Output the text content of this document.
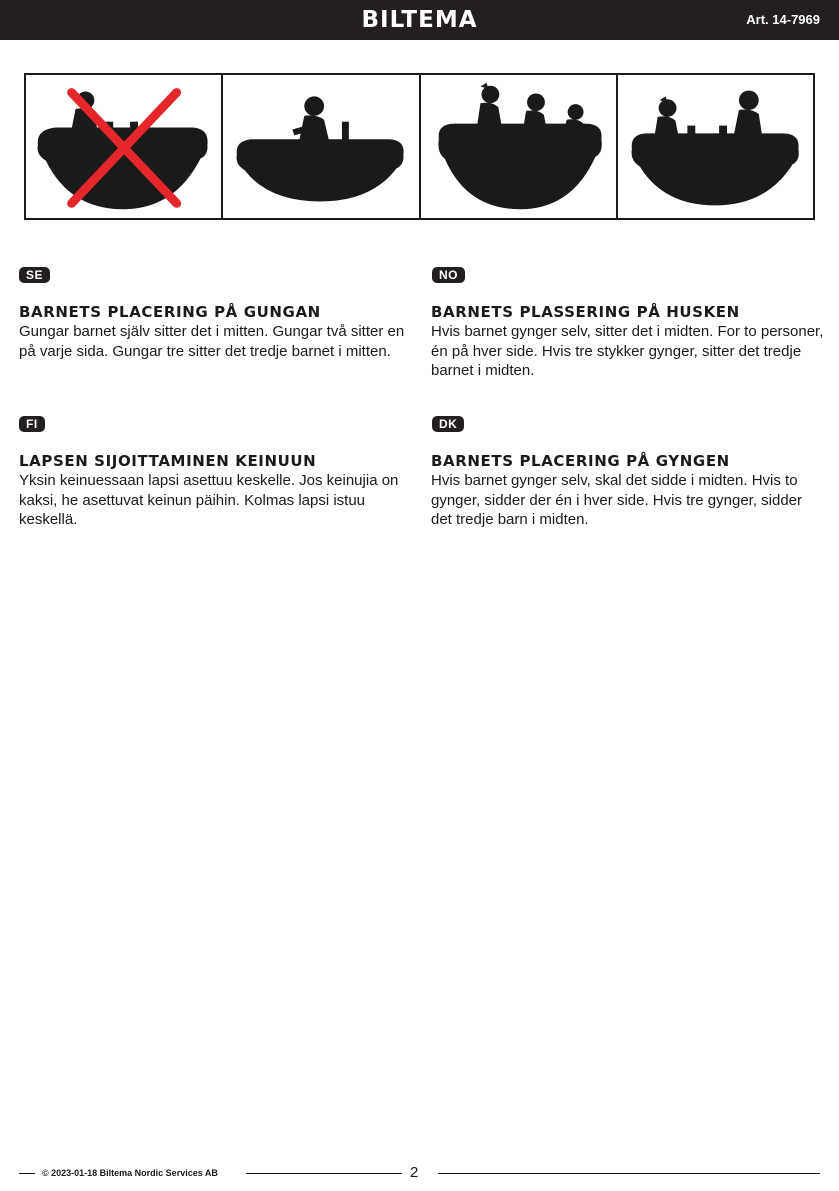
BILTEMA	Art. 14-7969
SE
BARNETS PLACERING PÅ GUNGAN
Gungar barnet själv sitter det i mitten. Gungar två sitter en på varje sida. Gungar tre sitter det tredje barnet i mitten.
NO
BARNETS PLASSERING PÅ HUSKEN
Hvis barnet gynger selv, sitter det i midten. For to personer, én på hver side. Hvis tre stykker gynger, sitter det tredje barnet i midten.
FI
LAPSEN SIJOITTAMINEN KEINUUN
Yksin keinuessaan lapsi asettuu keskelle. Jos keinujia on kaksi, he asettuvat keinun päihin. Kolmas lapsi istuu keskellä.
DK
BARNETS PLACERING PÅ GYNGEN
Hvis barnet gynger selv, skal det sidde i midten. Hvis to gynger, sidder der én i hver side. Hvis tre gynger, sidder det tredje barn i midten.
© 2023-01-18 Biltema Nordic Services AB	2
